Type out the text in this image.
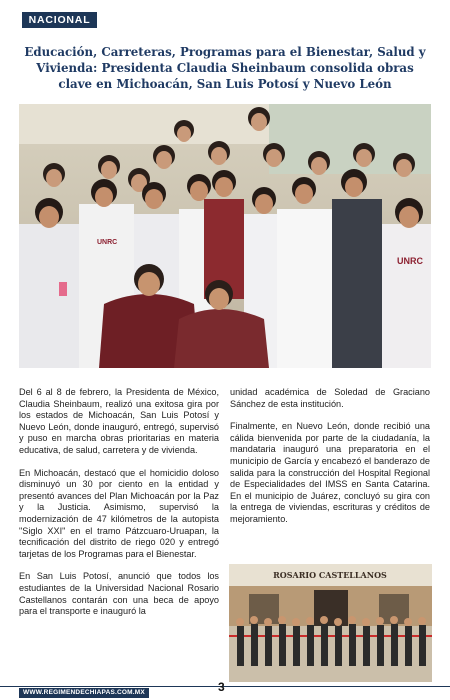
NACIONAL
Educación, Carreteras, Programas para el Bienestar, Salud y Vivienda: Presidenta Claudia Sheinbaum consolida obras clave en Michoacán, San Luis Potosí y Nuevo León
UNRC
UNRC

Del 6 al 8 de febrero, la Presidenta de México, Claudia Sheinbaum, realizó una exitosa gira por los estados de Michoacán, San Luis Potosí y Nuevo León, donde inauguró, entregó, supervisó y puso en marcha obras prioritarias en materia educativa, de salud, carretera y de vivienda.

En Michoacán, destacó que el homicidio doloso disminuyó un 30 por ciento en la entidad y presentó avances del Plan Michoacán por la Paz y la Justicia. Asimismo, supervisó la modernización de 47 kilómetros de la autopista "Siglo XXI" en el tramo Pátzcuaro-Uruapan, la tecnificación del distrito de riego 020 y entregó tarjetas de los Programas para el Bienestar.

En San Luis Potosí, anunció que todos los estudiantes de la Universidad Nacional Rosario Castellanos contarán con una beca de apoyo para el transporte e inauguró la

unidad académica de Soledad de Graciano Sánchez de esta institución.

Finalmente, en Nuevo León, donde recibió una cálida bienvenida por parte de la ciudadanía, la mandataria inauguró una preparatoria en el municipio de García y encabezó el banderazo de salida para la construcción del Hospital Regional de Especialidades del IMSS en Santa Catarina. En el municipio de Juárez, concluyó su gira con la entrega de viviendas, escrituras y créditos de mejoramiento.

ROSARIO CASTELLANOS
WWW.REGIMENDECHIAPAS.COM.MX	3
